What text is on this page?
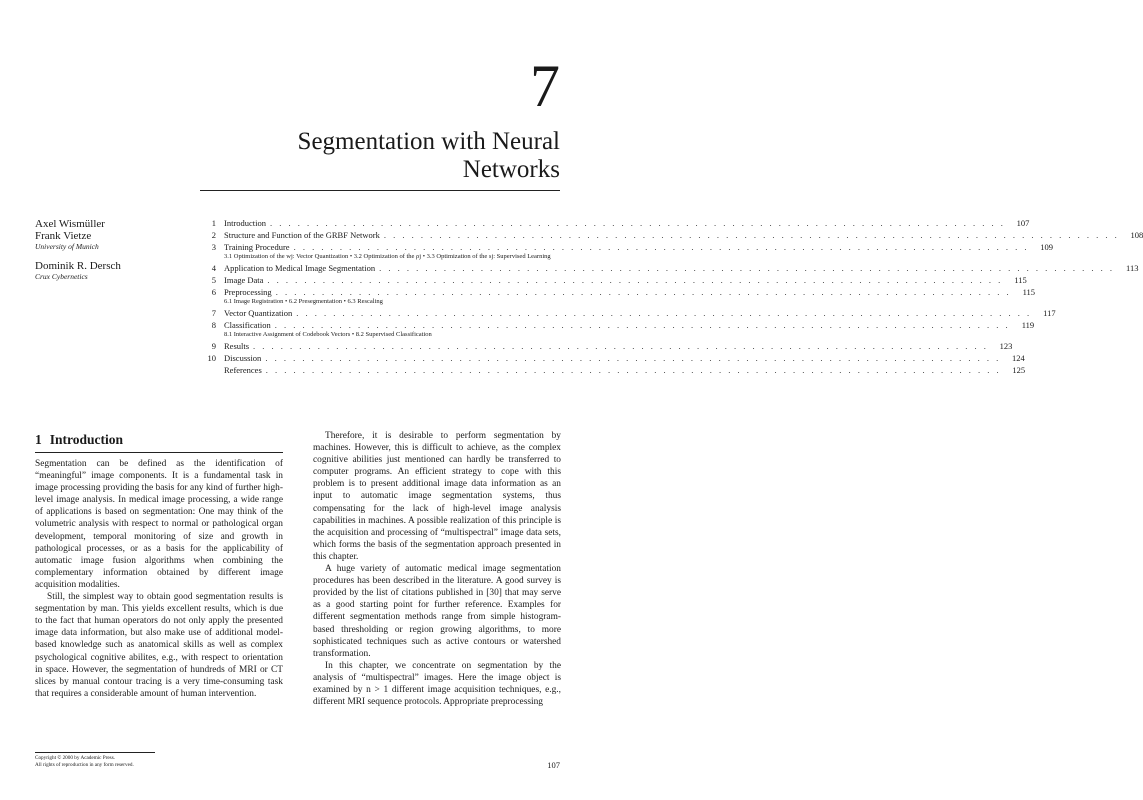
7
Segmentation with Neural
Networks
Axel Wismüller
Frank Vietze
University of Munich
Dominik R. Dersch
Crux Cybernetics
1 Introduction . . . . . . . . . . . . . . . . . . . . . . . . . . . . . . . . . . . . . . . . . . . . . . . . . . . . . . . . . . . . . . . . . . . . . . . . . . . . . . . .	107
2 Structure and Function of the GRBF Network . . . . . . . . . . . . . . . . . . . . . . . . . . . . . . . . . . . . . . . . . . . . . . . . . . . . . . . . . . . . . . . . . . . . . . . . . . . . . . . .	108
3 Training Procedure . . . . . . . . . . . . . . . . . . . . . . . . . . . . . . . . . . . . . . . . . . . . . . . . . . . . . . . . . . . . . . . . . . . . . . . . . . . . . . . .	109
3.1 Optimization of the wj: Vector Quantization • 3.2 Optimization of the ρj • 3.3 Optimization of the sj: Supervised Learning
4 Application to Medical Image Segmentation . . . . . . . . . . . . . . . . . . . . . . . . . . . . . . . . . . . . . . . . . . . . . . . . . . . . . . . . . . . . . . . . . . . . . . . . . . . . . . . .	113
5 Image Data . . . . . . . . . . . . . . . . . . . . . . . . . . . . . . . . . . . . . . . . . . . . . . . . . . . . . . . . . . . . . . . . . . . . . . . . . . . . . . . .	115
6 Preprocessing . . . . . . . . . . . . . . . . . . . . . . . . . . . . . . . . . . . . . . . . . . . . . . . . . . . . . . . . . . . . . . . . . . . . . . . . . . . . . . . .	115
6.1 Image Registration • 6.2 Presegmentation • 6.3 Rescaling
7 Vector Quantization . . . . . . . . . . . . . . . . . . . . . . . . . . . . . . . . . . . . . . . . . . . . . . . . . . . . . . . . . . . . . . . . . . . . . . . . . . . . . . . .	117
8 Classification . . . . . . . . . . . . . . . . . . . . . . . . . . . . . . . . . . . . . . . . . . . . . . . . . . . . . . . . . . . . . . . . . . . . . . . . . . . . . . . .	119
8.1 Interactive Assignment of Codebook Vectors • 8.2 Supervised Classification
9 Results . . . . . . . . . . . . . . . . . . . . . . . . . . . . . . . . . . . . . . . . . . . . . . . . . . . . . . . . . . . . . . . . . . . . . . . . . . . . . . . .	123
10 Discussion . . . . . . . . . . . . . . . . . . . . . . . . . . . . . . . . . . . . . . . . . . . . . . . . . . . . . . . . . . . . . . . . . . . . . . . . . . . . . . . .	124
References . . . . . . . . . . . . . . . . . . . . . . . . . . . . . . . . . . . . . . . . . . . . . . . . . . . . . . . . . . . . . . . . . . . . . . . . . . . . . . . .	125
1 Introduction

Segmentation can be defined as the identification of “meaningful” image components. It is a fundamental task in image processing providing the basis for any kind of further high-level image analysis. In medical image processing, a wide range of applications is based on segmentation: One may think of the volumetric analysis with respect to normal or pathological organ development, temporal monitoring of size and growth in pathological processes, or as a basis for the applicability of automatic image fusion algorithms when combining the complementary information obtained by different image acquisition modalities.

Still, the simplest way to obtain good segmentation results is segmentation by man. This yields excellent results, which is due to the fact that human operators do not only apply the presented image data information, but also make use of additional model-based knowledge such as anatomical skills as well as complex psychological cognitive abilites, e.g., with respect to orientation in space. However, the segmentation of hundreds of MRI or CT slices by manual contour tracing is a very time-consuming task that requires a considerable amount of human intervention.

Therefore, it is desirable to perform segmentation by machines. However, this is difficult to achieve, as the complex cognitive abilities just mentioned can hardly be transferred to computer programs. An efficient strategy to cope with this problem is to present additional image data information as an input to automatic image segmentation systems, thus compensating for the lack of high-level image analysis capabilities in machines. A possible realization of this principle is the acquisition and processing of “multispectral” image data sets, which forms the basis of the segmentation approach presented in this chapter.

A huge variety of automatic medical image segmentation procedures has been described in the literature. A good survey is provided by the list of citations published in [30] that may serve as a good starting point for further reference. Examples for different segmentation methods range from simple histogram-based thresholding or region growing algorithms, to more sophisticated techniques such as active contours or watershed transformation.

In this chapter, we concentrate on segmentation by the analysis of “multispectral” images. Here the image object is examined by n > 1 different image acquisition techniques, e.g., different MRI sequence protocols. Appropriate preprocessing

Copyright © 2000 by Academic Press.
All rights of reproduction in any form reserved.	107
